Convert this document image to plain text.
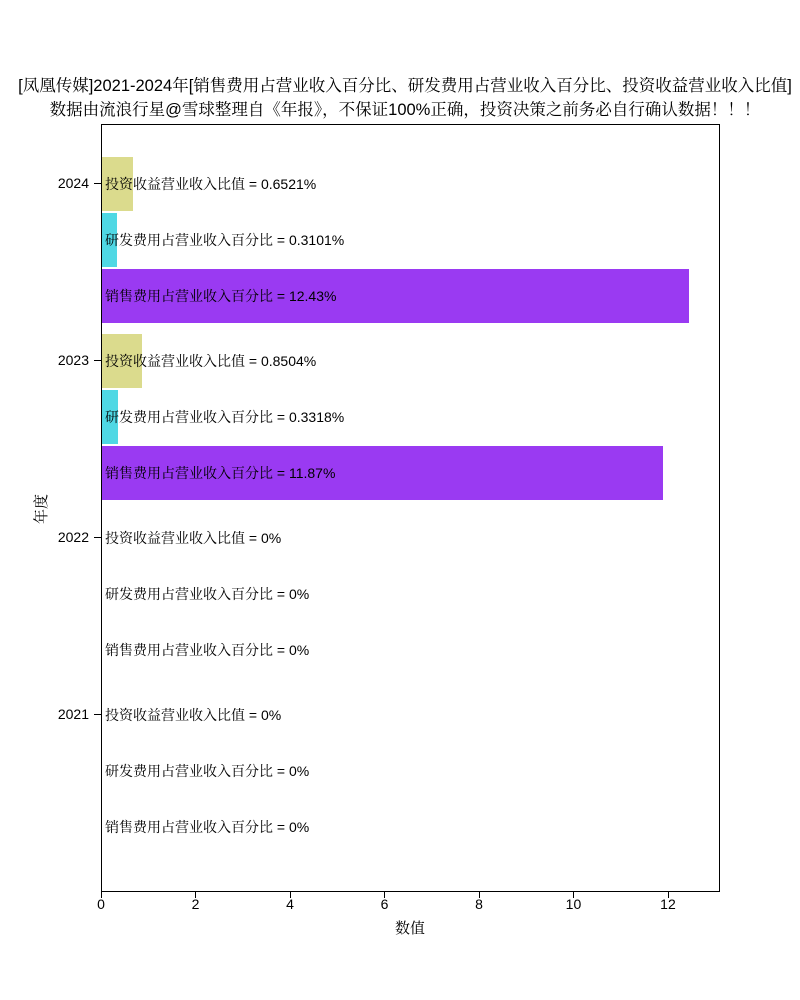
[凤凰传媒]2021-2024年[销售费用占营业收入百分比、研发费用占营业收入百分比、投资收益营业收入比值]
数据由流浪行星@雪球整理自《年报》，不保证100%正确，投资决策之前务必自行确认数据！！！
投资收益营业收入比值 = 0.6521%
研发费用占营业收入百分比 = 0.3101%
销售费用占营业收入百分比 = 12.43%
投资收益营业收入比值 = 0.8504%
研发费用占营业收入百分比 = 0.3318%
销售费用占营业收入百分比 = 11.87%
投资收益营业收入比值 = 0%
研发费用占营业收入百分比 = 0%
销售费用占营业收入百分比 = 0%
投资收益营业收入比值 = 0%
研发费用占营业收入百分比 = 0%
销售费用占营业收入百分比 = 0%
0	2	4	6	8	10	12
2024
2023
2022
2021
数值
年度
